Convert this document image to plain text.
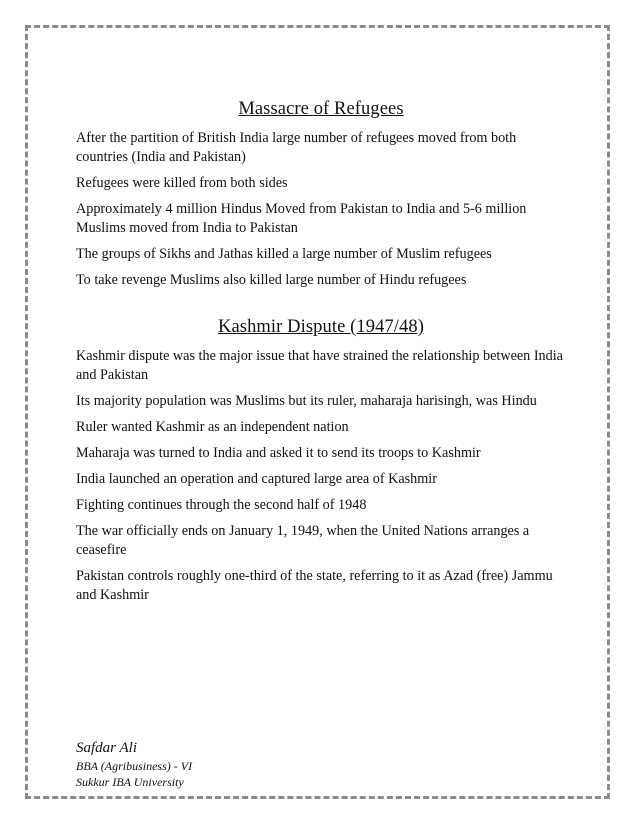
Massacre of Refugees

After the partition of British India large number of refugees moved from both countries (India and Pakistan)

Refugees were killed from both sides

Approximately 4 million Hindus Moved from Pakistan to India and 5-6 million Muslims moved from India to Pakistan

The groups of Sikhs and Jathas killed a large number of Muslim refugees

To take revenge Muslims also killed large number of Hindu refugees

Kashmir Dispute (1947/48)

Kashmir dispute was the major issue that have strained the relationship between India and Pakistan

Its majority population was Muslims but its ruler, maharaja harisingh, was Hindu

Ruler wanted Kashmir as an independent nation

Maharaja was turned to India and asked it to send its troops to Kashmir

India launched an operation and captured large area of Kashmir

Fighting continues through the second half of 1948

The war officially ends on January 1, 1949, when the United Nations arranges a ceasefire

Pakistan controls roughly one-third of the state, referring to it as Azad (free) Jammu and Kashmir

Safdar Ali
BBA (Agribusiness) - VI
Sukkur IBA University
